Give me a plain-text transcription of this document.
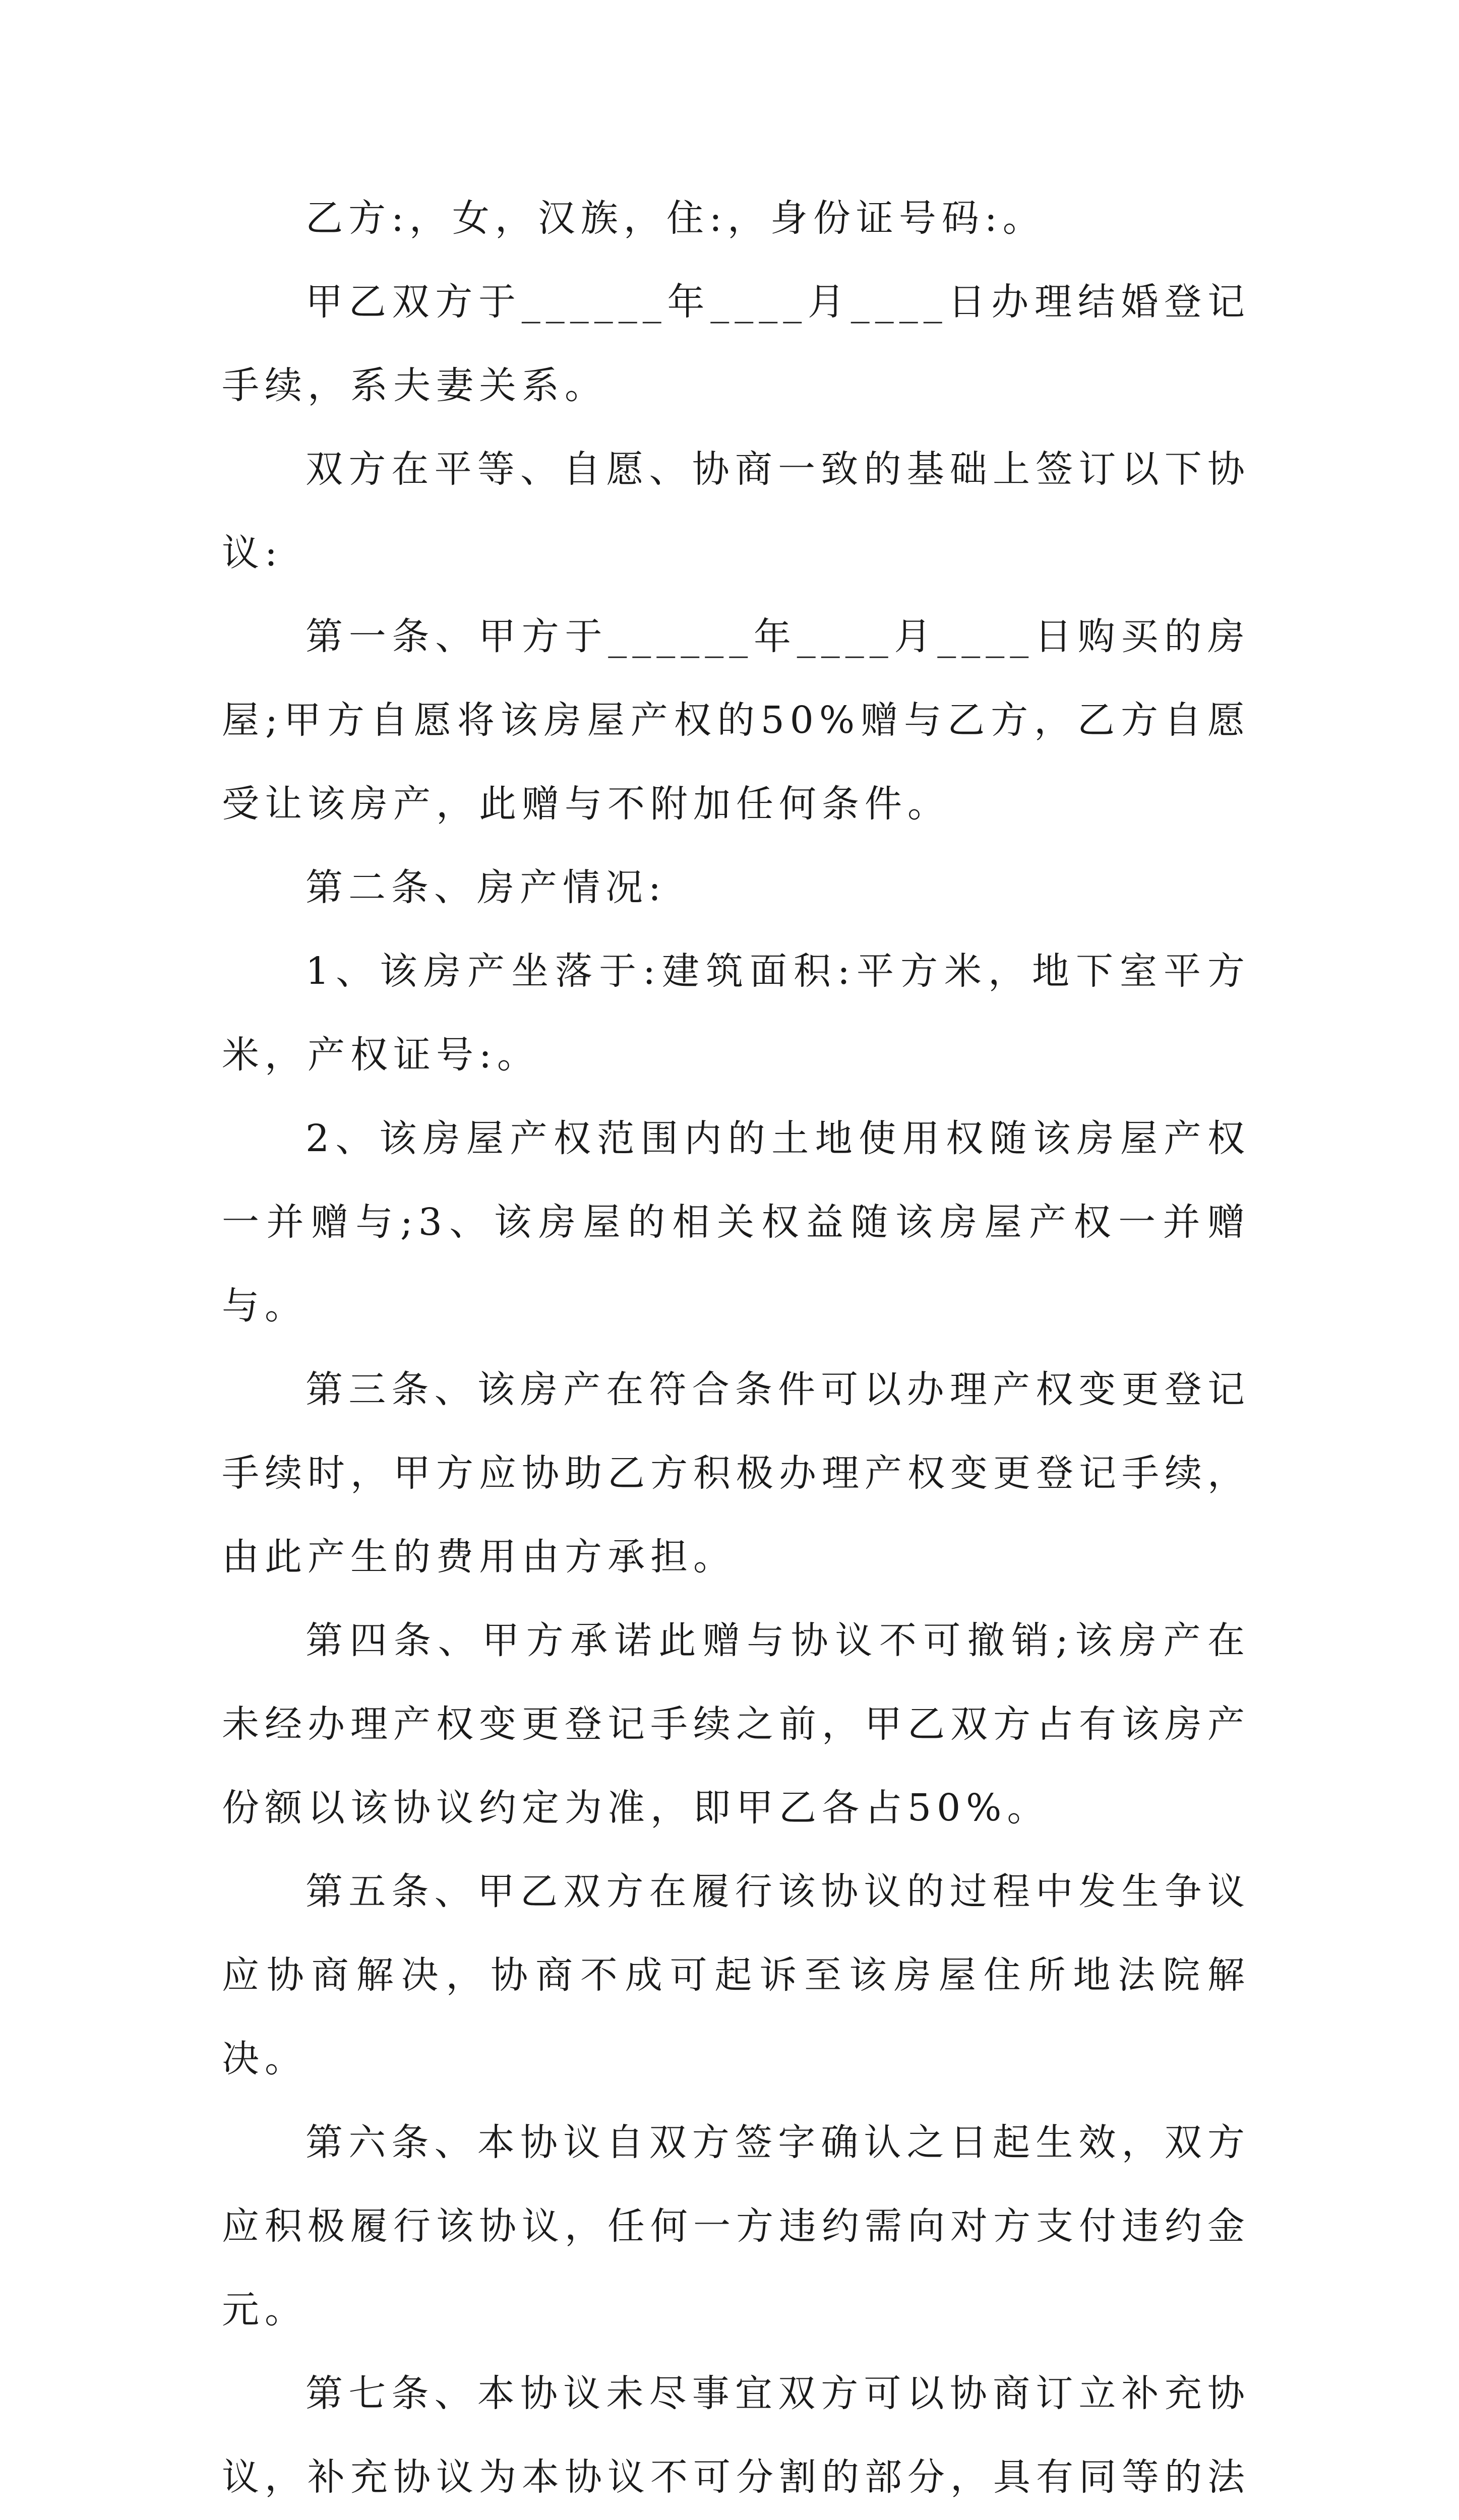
乙方:，女，汉族，住:，身份证号码:。

甲乙双方于______年____月____日办理结婚登记手续，系夫妻关系。

双方在平等、自愿、协商一致的基础上签订以下协议:

第一条、甲方于______年____月____日购买的房屋;甲方自愿将该房屋产权的50%赠与乙方，乙方自愿受让该房产，此赠与不附加任何条件。

第二条、房产情况:

1、该房产坐落于:建筑面积:平方米，地下室平方米，产权证号:。

2、该房屋产权范围内的土地使用权随该房屋产权一并赠与;3、该房屋的相关权益随该房屋产权一并赠与。

第三条、该房产在符合条件可以办理产权变更登记手续时，甲方应协助乙方积极办理产权变更登记手续，由此产生的费用由方承担。

第四条、甲方承诺此赠与协议不可撤销;该房产在未经办理产权变更登记手续之前，甲乙双方占有该房产份额以该协议约定为准，即甲乙各占50%。

第五条、甲乙双方在履行该协议的过程中发生争议应协商解决，协商不成可起诉至该房屋住所地法院解决。

第六条、本协议自双方签字确认之日起生效，双方应积极履行该协议，任何一方违约需向对方支付违约金元。

第七条、本协议未尽事宜双方可以协商订立补充协议，补充协议为本协议不可分割的部分，具有同等的法
